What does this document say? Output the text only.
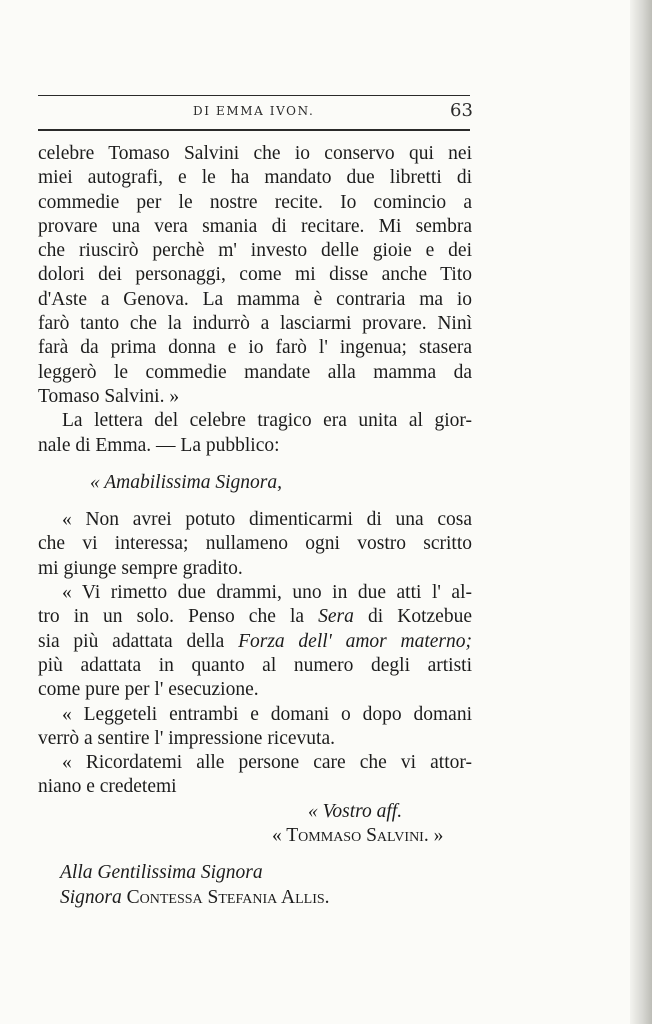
DI EMMA IVON.	63
celebre Tomaso Salvini che io conservo qui nei
miei autografi, e le ha mandato due libretti di
commedie per le nostre recite. Io comincio a
provare una vera smania di recitare. Mi sembra
che riuscirò perchè m' investo delle gioie e dei
dolori dei personaggi, come mi disse anche Tito
d'Aste a Genova. La mamma è contraria ma io
farò tanto che la indurrò a lasciarmi provare. Ninì
farà da prima donna e io farò l' ingenua; stasera
leggerò le commedie mandate alla mamma da
Tomaso Salvini. »
La lettera del celebre tragico era unita al gior-
nale di Emma. — La pubblico:
« Amabilissima Signora,
« Non avrei potuto dimenticarmi di una cosa
che vi interessa; nullameno ogni vostro scritto
mi giunge sempre gradito.
« Vi rimetto due drammi, uno in due atti l' al-
tro in un solo. Penso che la Sera di Kotzebue
sia più adattata della Forza dell' amor materno;
più adattata in quanto al numero degli artisti
come pure per l' esecuzione.
« Leggeteli entrambi e domani o dopo domani
verrò a sentire l' impressione ricevuta.
« Ricordatemi alle persone care che vi attor-
niano e credetemi
« Vostro aff.
« Tommaso Salvini. »
Alla Gentilissima Signora
Signora Contessa Stefania Allis.
